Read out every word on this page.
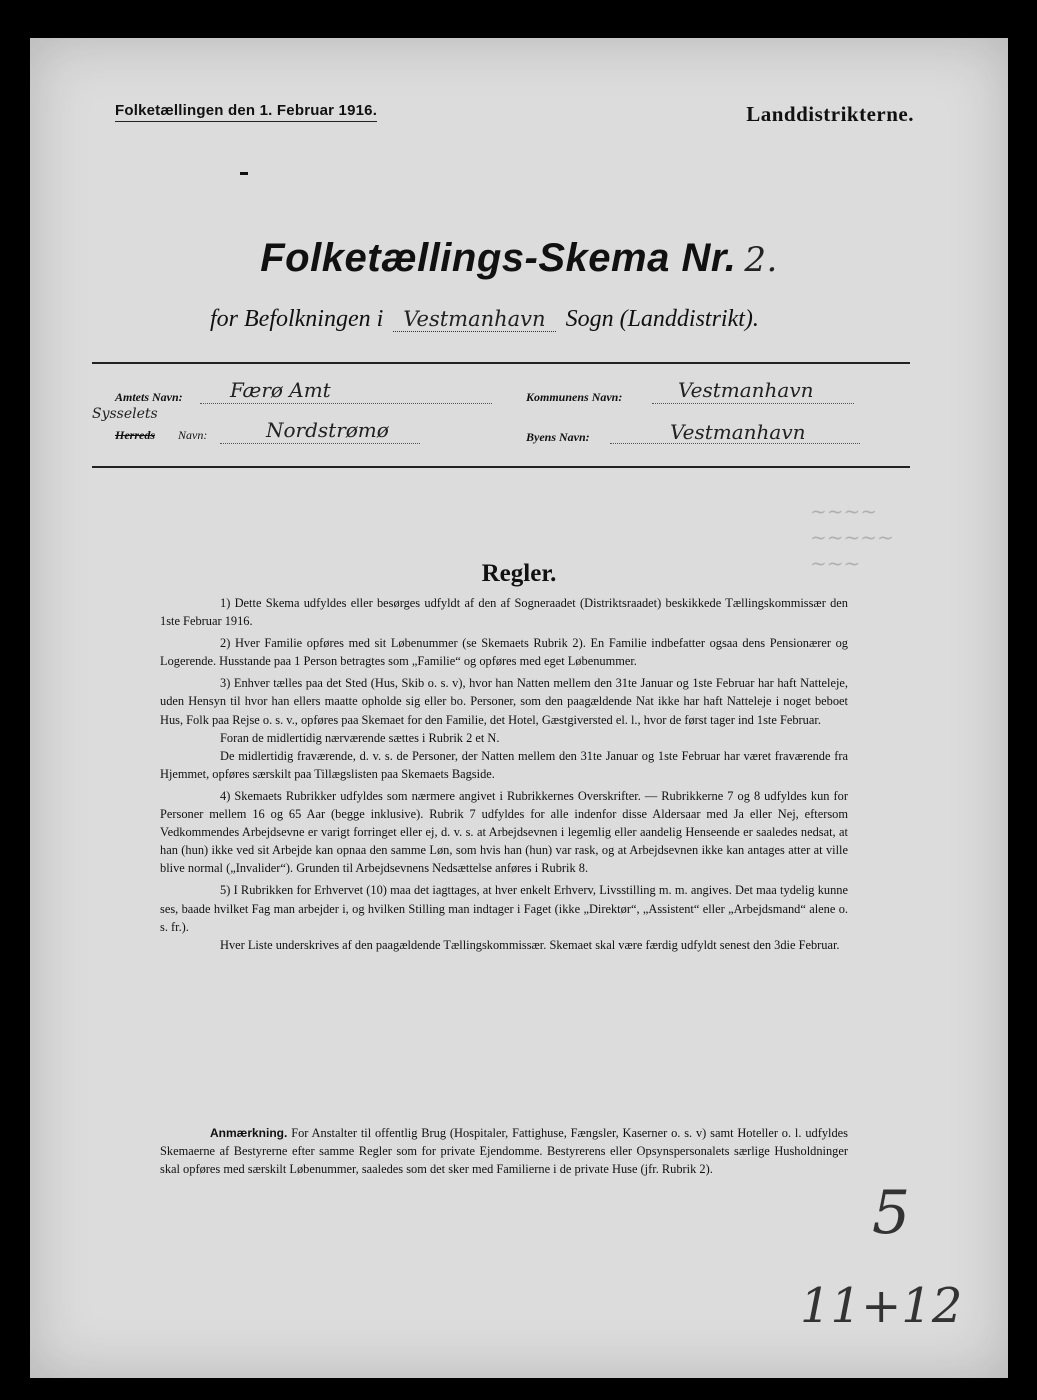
Folketællingen den 1. Februar 1916.	Landdistrikterne.
Folketællings-Skema Nr. 2.
for Befolkningen i Vestmanhavn Sogn (Landdistrikt).
Amtets Navn: Færø Amt	Kommunens Navn:	Vestmanhavn
Sysselets
Herreds Navn:	Nordstrømø	Byens Navn:	Vestmanhavn
~~~~
~~~~~
~~~
Regler.

1) Dette Skema udfyldes eller besørges udfyldt af den af Sogneraadet (Distriktsraadet) beskikkede Tællingskommissær den 1ste Februar 1916.

2) Hver Familie opføres med sit Løbenummer (se Skemaets Rubrik 2). En Familie indbefatter ogsaa dens Pensionærer og Logerende. Husstande paa 1 Person betragtes som „Familie“ og opføres med eget Løbenummer.

3) Enhver tælles paa det Sted (Hus, Skib o. s. v), hvor han Natten mellem den 31te Januar og 1ste Februar har haft Natteleje, uden Hensyn til hvor han ellers maatte opholde sig eller bo. Personer, som den paagældende Nat ikke har haft Natteleje i noget beboet Hus, Folk paa Rejse o. s. v., opføres paa Skemaet for den Familie, det Hotel, Gæstgiversted el. l., hvor de først tager ind 1ste Februar.

Foran de midlertidig nærværende sættes i Rubrik 2 et N.

De midlertidig fraværende, d. v. s. de Personer, der Natten mellem den 31te Januar og 1ste Februar har været fraværende fra Hjemmet, opføres særskilt paa Tillægslisten paa Skemaets Bagside.

4) Skemaets Rubrikker udfyldes som nærmere angivet i Rubrikkernes Overskrifter. — Rubrikkerne 7 og 8 udfyldes kun for Personer mellem 16 og 65 Aar (begge inklusive). Rubrik 7 udfyldes for alle indenfor disse Aldersaar med Ja eller Nej, eftersom Vedkommendes Arbejdsevne er varigt forringet eller ej, d. v. s. at Arbejdsevnen i legemlig eller aandelig Henseende er saaledes nedsat, at han (hun) ikke ved sit Arbejde kan opnaa den samme Løn, som hvis han (hun) var rask, og at Arbejdsevnen ikke kan antages atter at ville blive normal („Invalider“). Grunden til Arbejdsevnens Nedsættelse anføres i Rubrik 8.

5) I Rubrikken for Erhvervet (10) maa det iagttages, at hver enkelt Erhverv, Livsstilling m. m. angives. Det maa tydelig kunne ses, baade hvilket Fag man arbejder i, og hvilken Stilling man indtager i Faget (ikke „Direktør“, „Assistent“ eller „Arbejdsmand“ alene o. s. fr.).

Hver Liste underskrives af den paagældende Tællingskommissær. Skemaet skal være færdig udfyldt senest den 3die Februar.

Anmærkning. For Anstalter til offentlig Brug (Hospitaler, Fattighuse, Fængsler, Kaserner o. s. v) samt Hoteller o. l. udfyldes Skemaerne af Bestyrerne efter samme Regler som for private Ejendomme. Bestyrerens eller Opsynspersonalets særlige Husholdninger skal opføres med særskilt Løbenummer, saaledes som det sker med Familierne i de private Huse (jfr. Rubrik 2).

5
11+12
